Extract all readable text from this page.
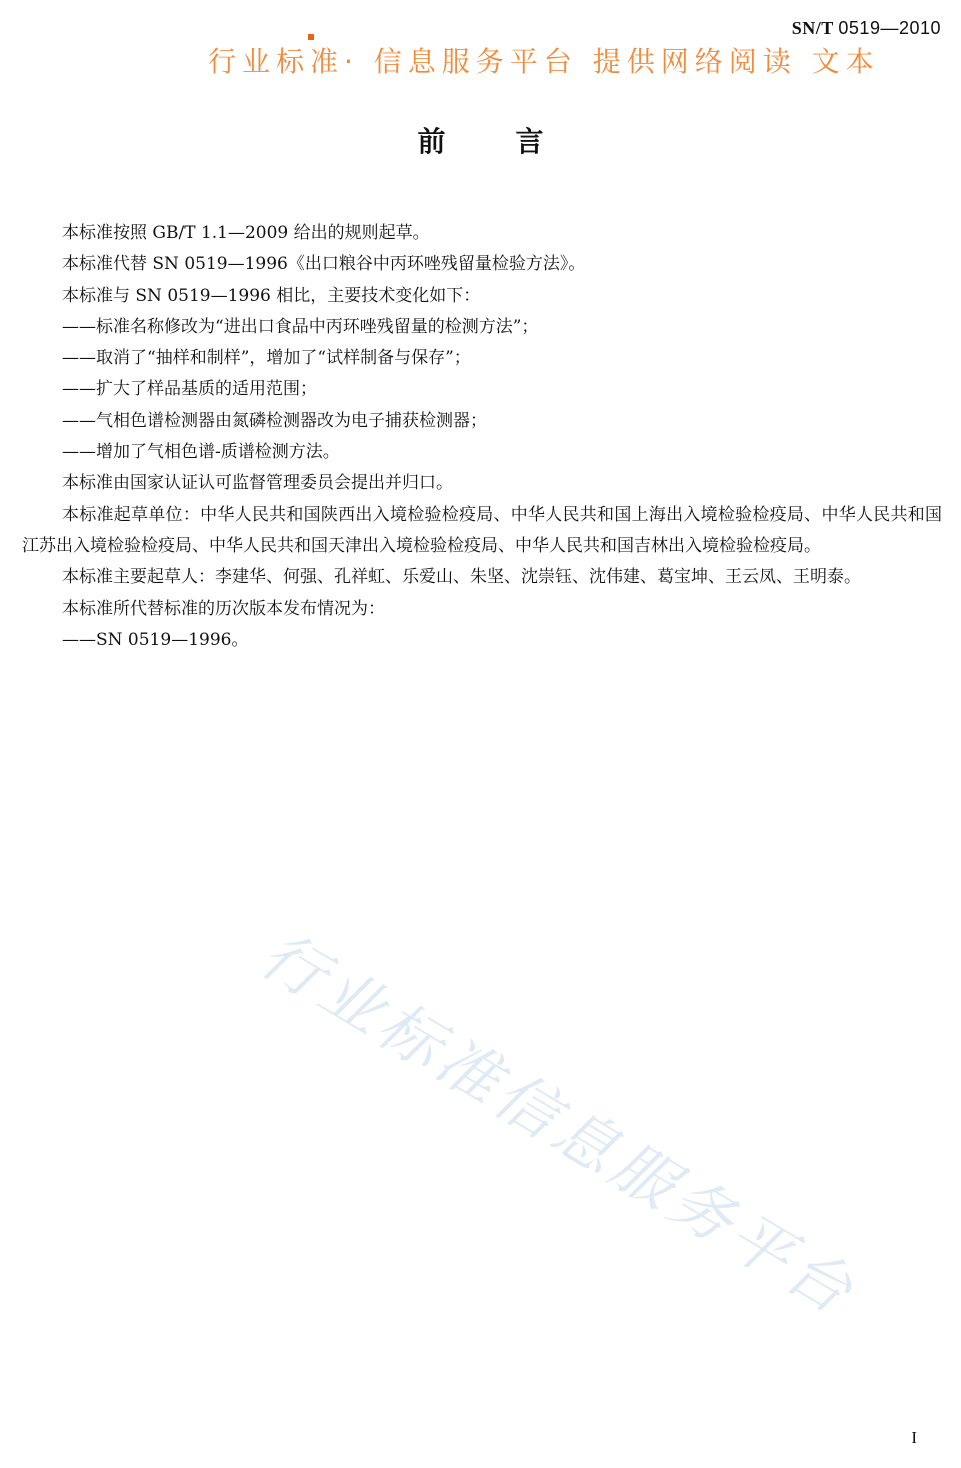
SN/T 0519—2010
行业标准· 信息服务平台 提供网络阅读 文本
前言

本标准按照 GB/T 1.1—2009 给出的规则起草。

本标准代替 SN 0519—1996《出口粮谷中丙环唑残留量检验方法》。

本标准与 SN 0519—1996 相比，主要技术变化如下：

——标准名称修改为“进出口食品中丙环唑残留量的检测方法”；

——取消了“抽样和制样”，增加了“试样制备与保存”；

——扩大了样品基质的适用范围；

——气相色谱检测器由氮磷检测器改为电子捕获检测器；

——增加了气相色谱-质谱检测方法。

本标准由国家认证认可监督管理委员会提出并归口。

本标准起草单位：中华人民共和国陕西出入境检验检疫局、中华人民共和国上海出入境检验检疫局、中华人民共和国江苏出入境检验检疫局、中华人民共和国天津出入境检验检疫局、中华人民共和国吉林出入境检验检疫局。

本标准主要起草人：李建华、何强、孔祥虹、乐爱山、朱坚、沈崇钰、沈伟建、葛宝坤、王云凤、王明泰。

本标准所代替标准的历次版本发布情况为：

——SN 0519—1996。

行业标准信息服务平台
I
